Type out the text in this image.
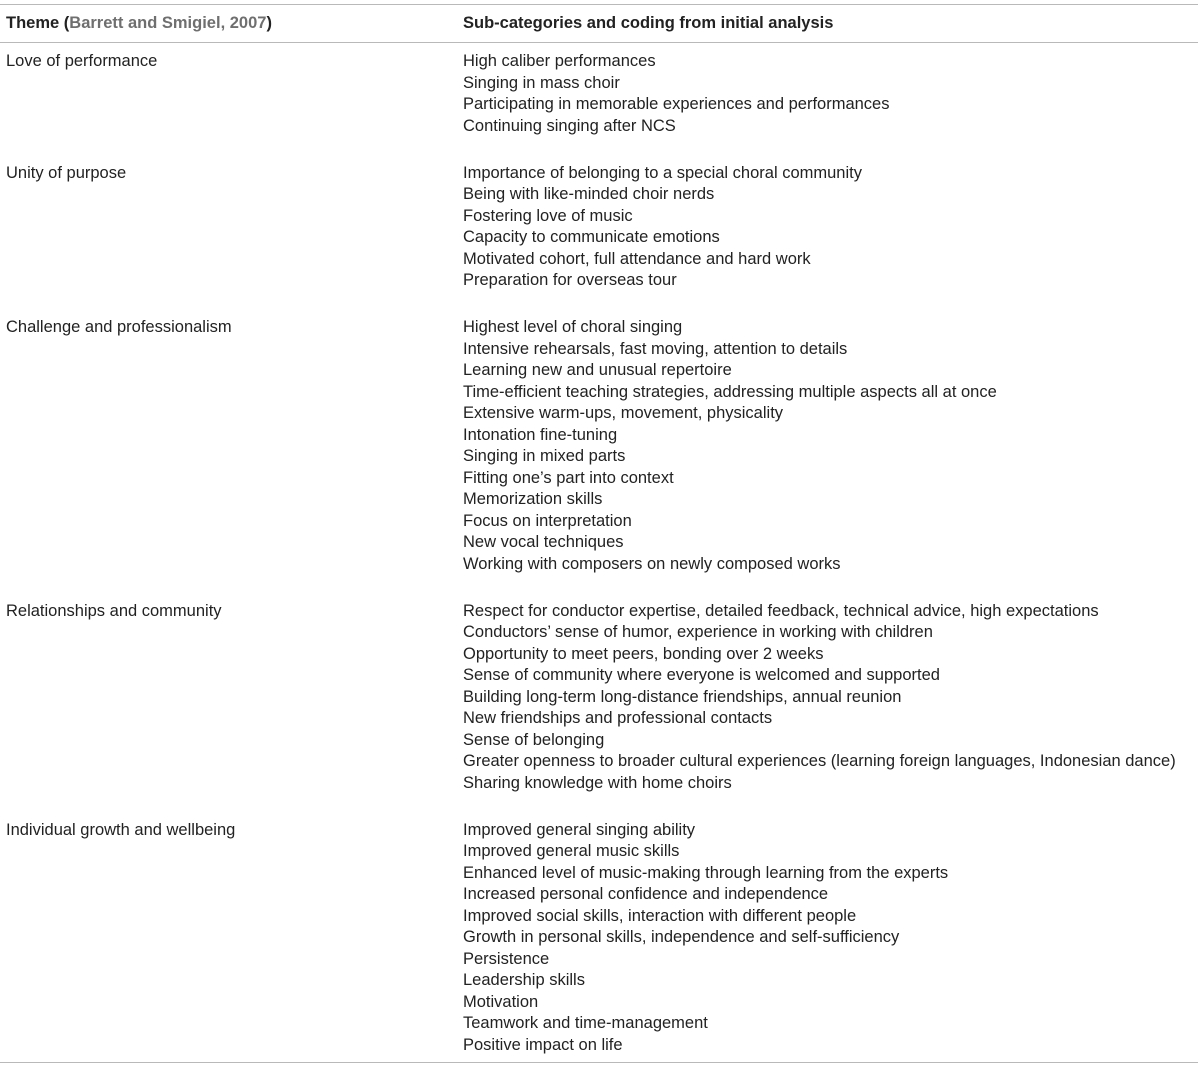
Theme (Barrett and Smigiel, 2007)	Sub-categories and coding from initial analysis
Love of performance	High caliber performances
Singing in mass choir
Participating in memorable experiences and performances
Continuing singing after NCS
Unity of purpose	Importance of belonging to a special choral community
Being with like-minded choir nerds
Fostering love of music
Capacity to communicate emotions
Motivated cohort, full attendance and hard work
Preparation for overseas tour
Challenge and professionalism	Highest level of choral singing
Intensive rehearsals, fast moving, attention to details
Learning new and unusual repertoire
Time-efficient teaching strategies, addressing multiple aspects all at once
Extensive warm-ups, movement, physicality
Intonation fine-tuning
Singing in mixed parts
Fitting one’s part into context
Memorization skills
Focus on interpretation
New vocal techniques
Working with composers on newly composed works
Relationships and community	Respect for conductor expertise, detailed feedback, technical advice, high expectations
Conductors’ sense of humor, experience in working with children
Opportunity to meet peers, bonding over 2 weeks
Sense of community where everyone is welcomed and supported
Building long-term long-distance friendships, annual reunion
New friendships and professional contacts
Sense of belonging
Greater openness to broader cultural experiences (learning foreign languages, Indonesian dance)
Sharing knowledge with home choirs
Individual growth and wellbeing	Improved general singing ability
Improved general music skills
Enhanced level of music-making through learning from the experts
Increased personal confidence and independence
Improved social skills, interaction with different people
Growth in personal skills, independence and self-sufficiency
Persistence
Leadership skills
Motivation
Teamwork and time-management
Positive impact on life
